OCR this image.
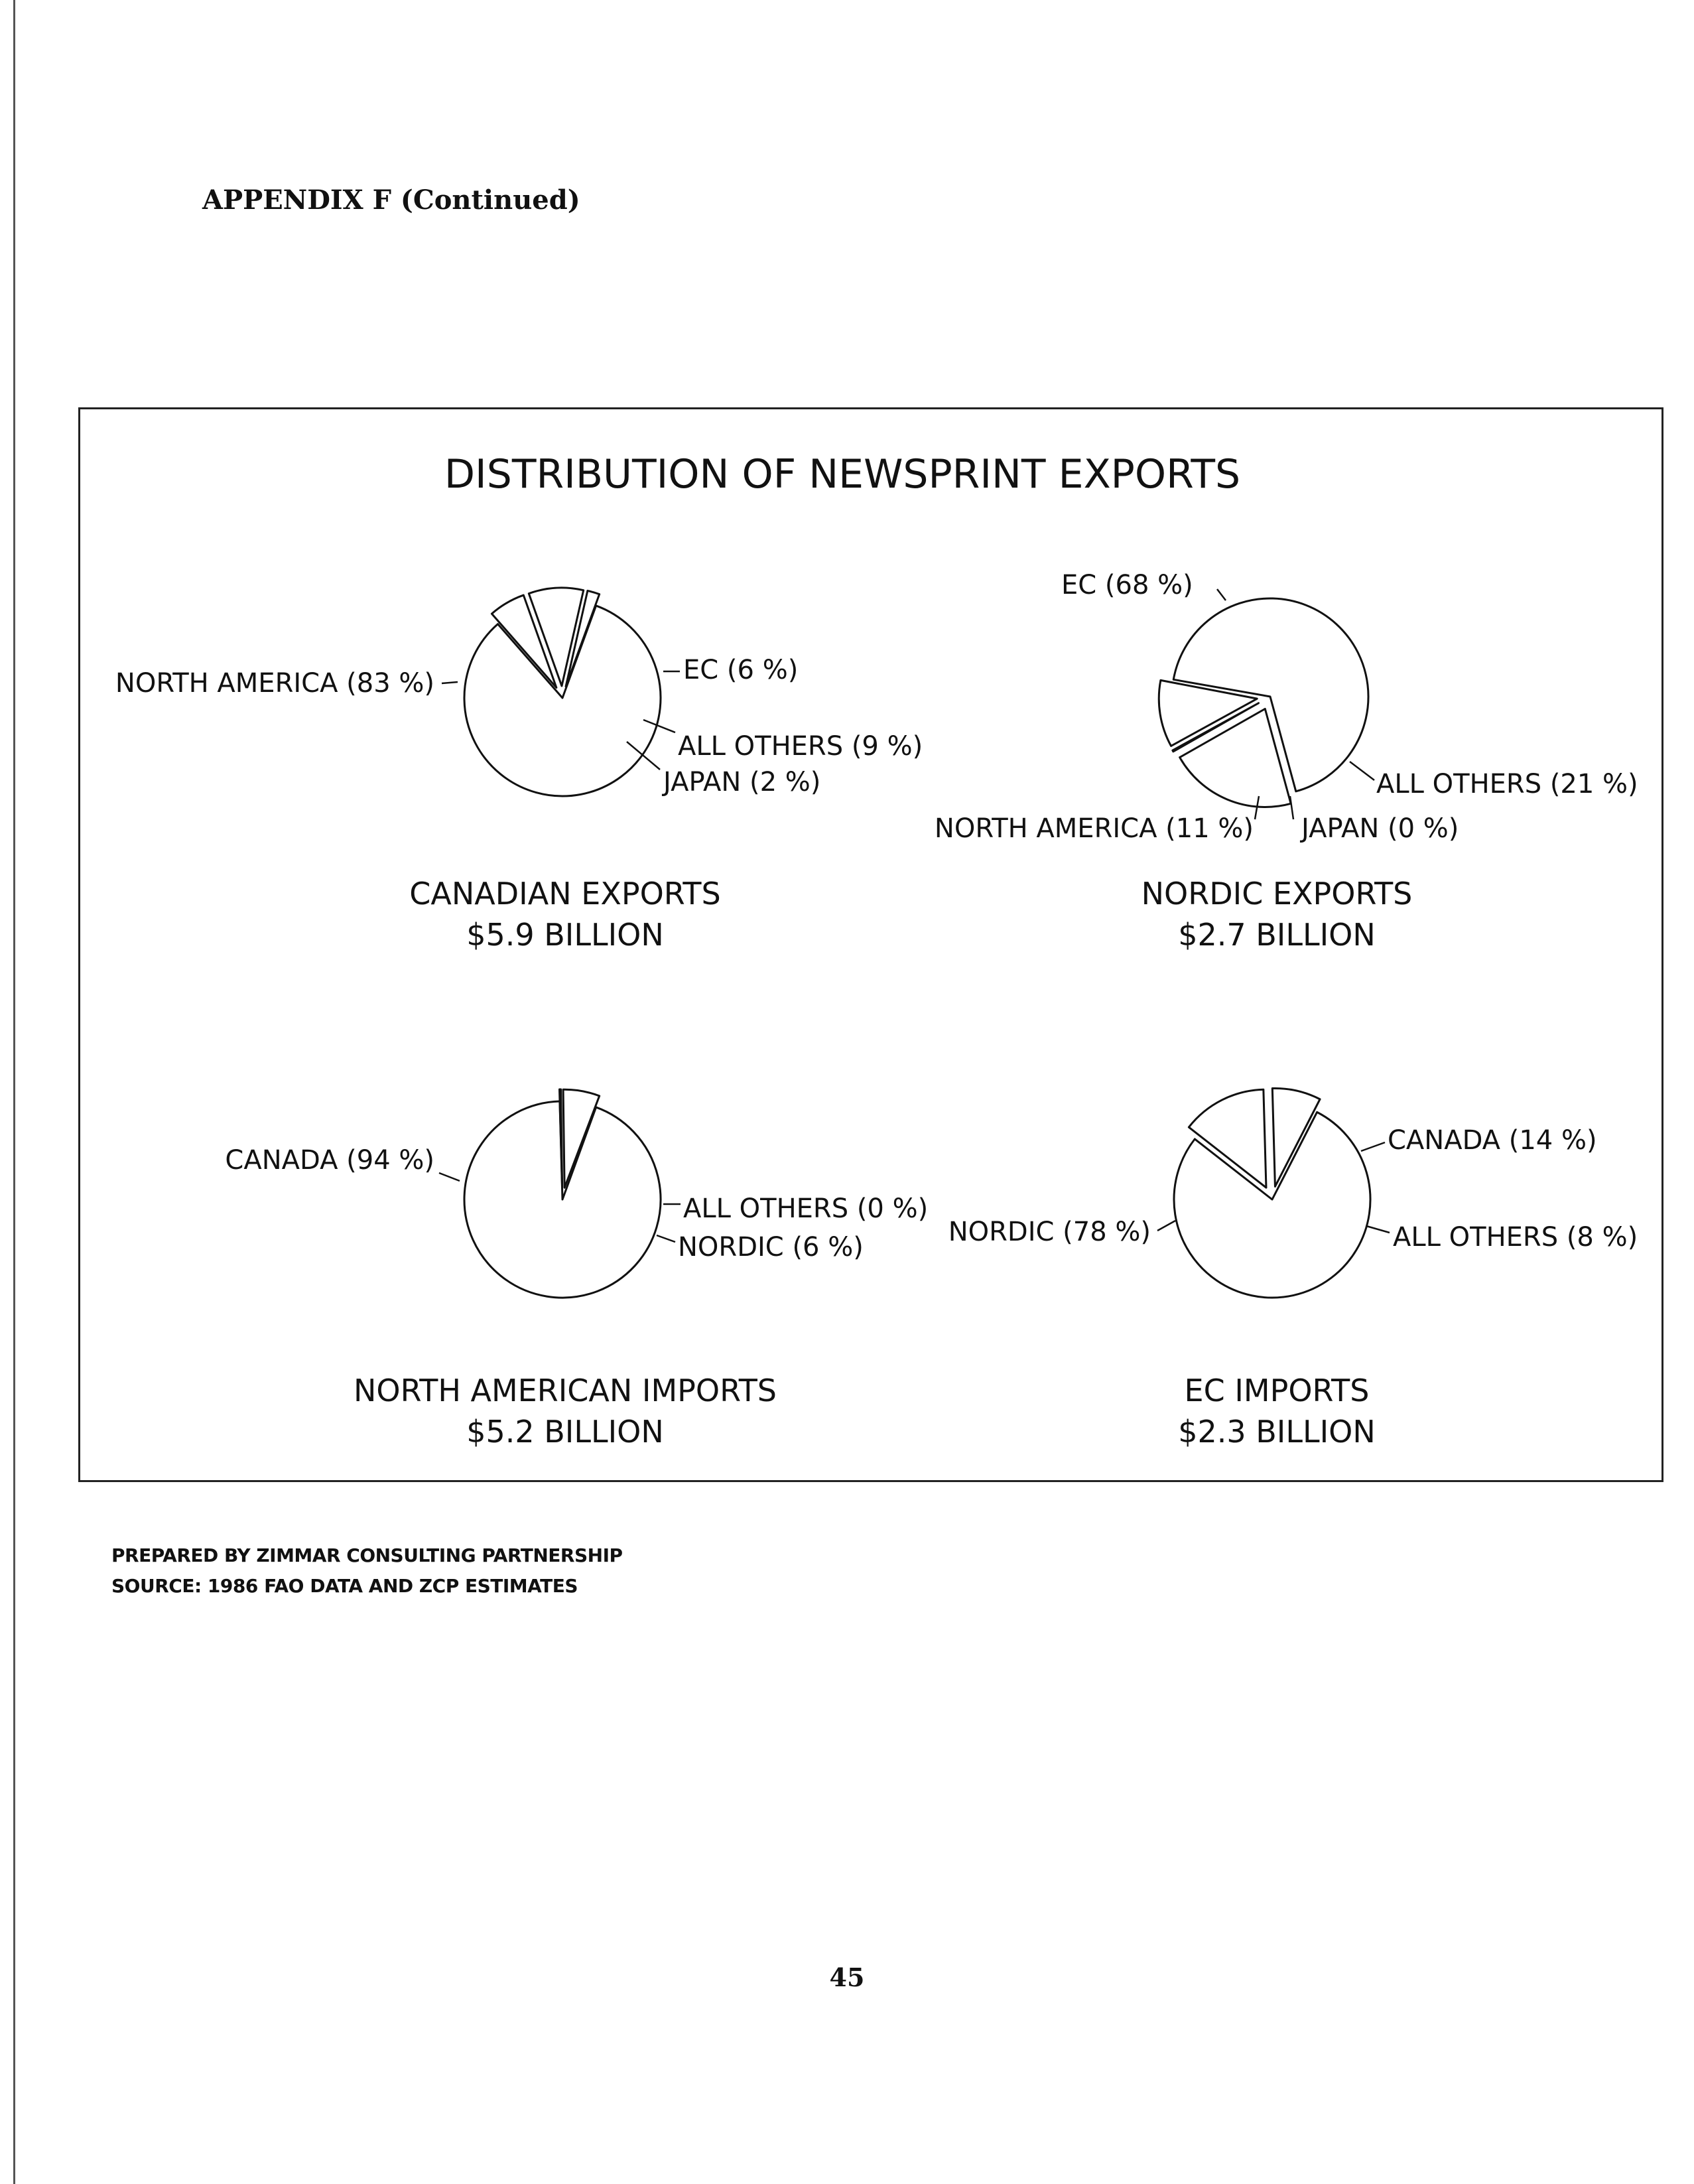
APPENDIX F (Continued)
DISTRIBUTION OF NEWSPRINT EXPORTS
NORTH AMERICA (83 %)	EC (6 %)
ALL OTHERS (9 %)
JAPAN (2 %)
CANADIAN EXPORTS
$5.9 BILLION
EC (68 %)
ALL OTHERS (21 %)
JAPAN (0 %)
NORTH AMERICA (11 %)
NORDIC EXPORTS
$2.7 BILLION
CANADA (94 %)
ALL OTHERS (0 %)
NORDIC (6 %)
NORTH AMERICAN IMPORTS
$5.2 BILLION
CANADA (14 %)
ALL OTHERS (8 %)
NORDIC (78 %)
EC IMPORTS
$2.3 BILLION
PREPARED BY ZIMMAR CONSULTING PARTNERSHIP
SOURCE: 1986 FAO DATA AND ZCP ESTIMATES
45
